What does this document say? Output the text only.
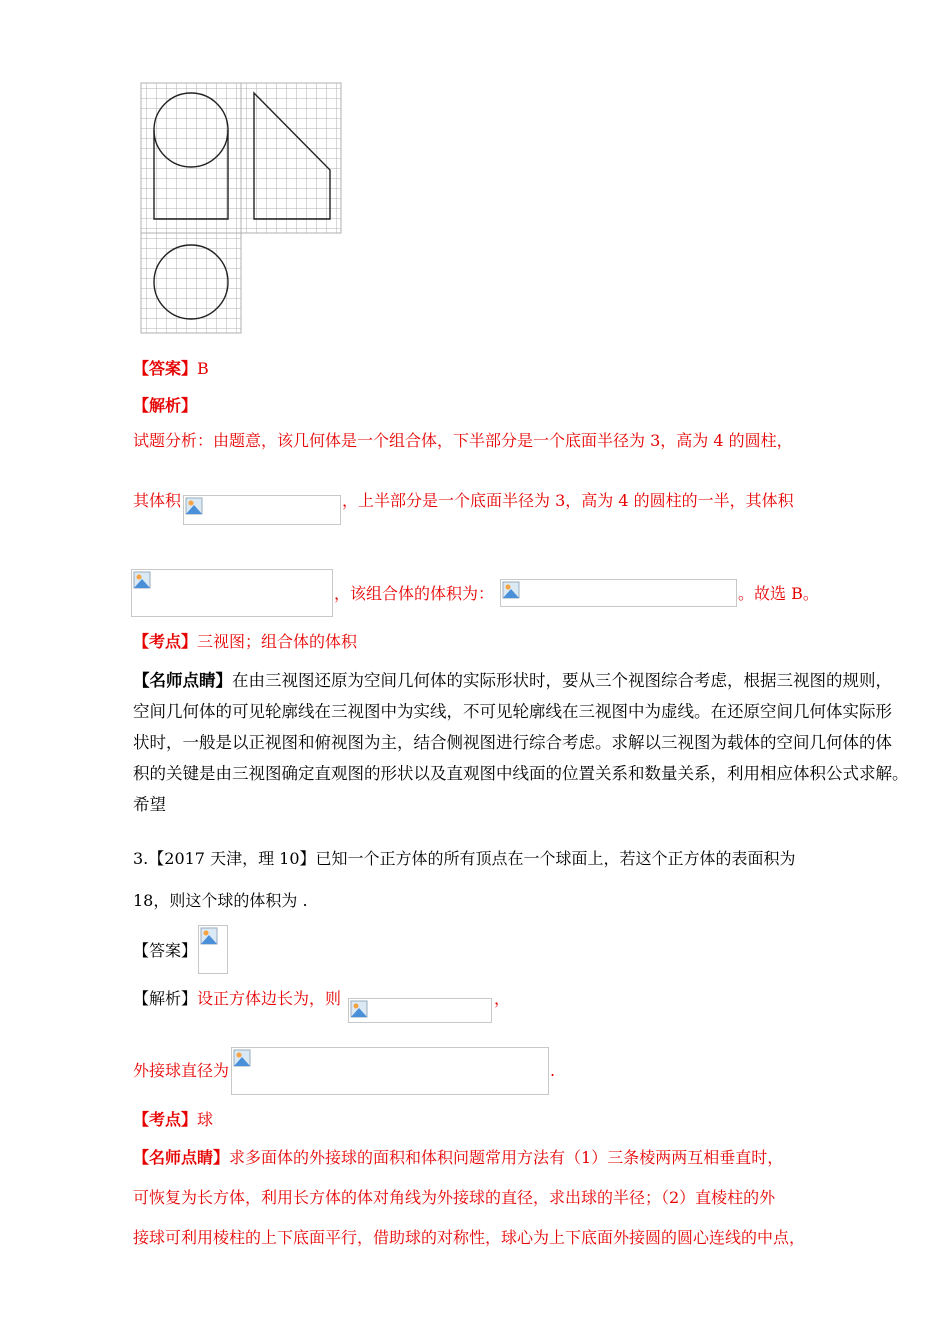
【答案】B
【解析】
试题分析：由题意，该几何体是一个组合体，下半部分是一个底面半径为 3，高为 4 的圆柱，
其体积	，上半部分是一个底面半径为 3，高为 4 的圆柱的一半，其体积
，该组合体的体积为：	。故选 B。
【考点】三视图；组合体的体积
【名师点睛】在由三视图还原为空间几何体的实际形状时，要从三个视图综合考虑，根据三视图的规则，
空间几何体的可见轮廓线在三视图中为实线，不可见轮廓线在三视图中为虚线。在还原空间几何体实际形
状时，一般是以正视图和俯视图为主，结合侧视图进行综合考虑。求解以三视图为载体的空间几何体的体
积的关键是由三视图确定直观图的形状以及直观图中线面的位置关系和数量关系，利用相应体积公式求解。
希望
3.【2017 天津，理 10】已知一个正方体的所有顶点在一个球面上，若这个正方体的表面积为
18，则这个球的体积为 .
【答案】
【解析】设正方体边长为，则	，
外接球直径为	.
【考点】球
【名师点睛】求多面体的外接球的面积和体积问题常用方法有（1）三条棱两两互相垂直时，
可恢复为长方体，利用长方体的体对角线为外接球的直径，求出球的半径；（2）直棱柱的外
接球可利用棱柱的上下底面平行，借助球的对称性，球心为上下底面外接圆的圆心连线的中点，
